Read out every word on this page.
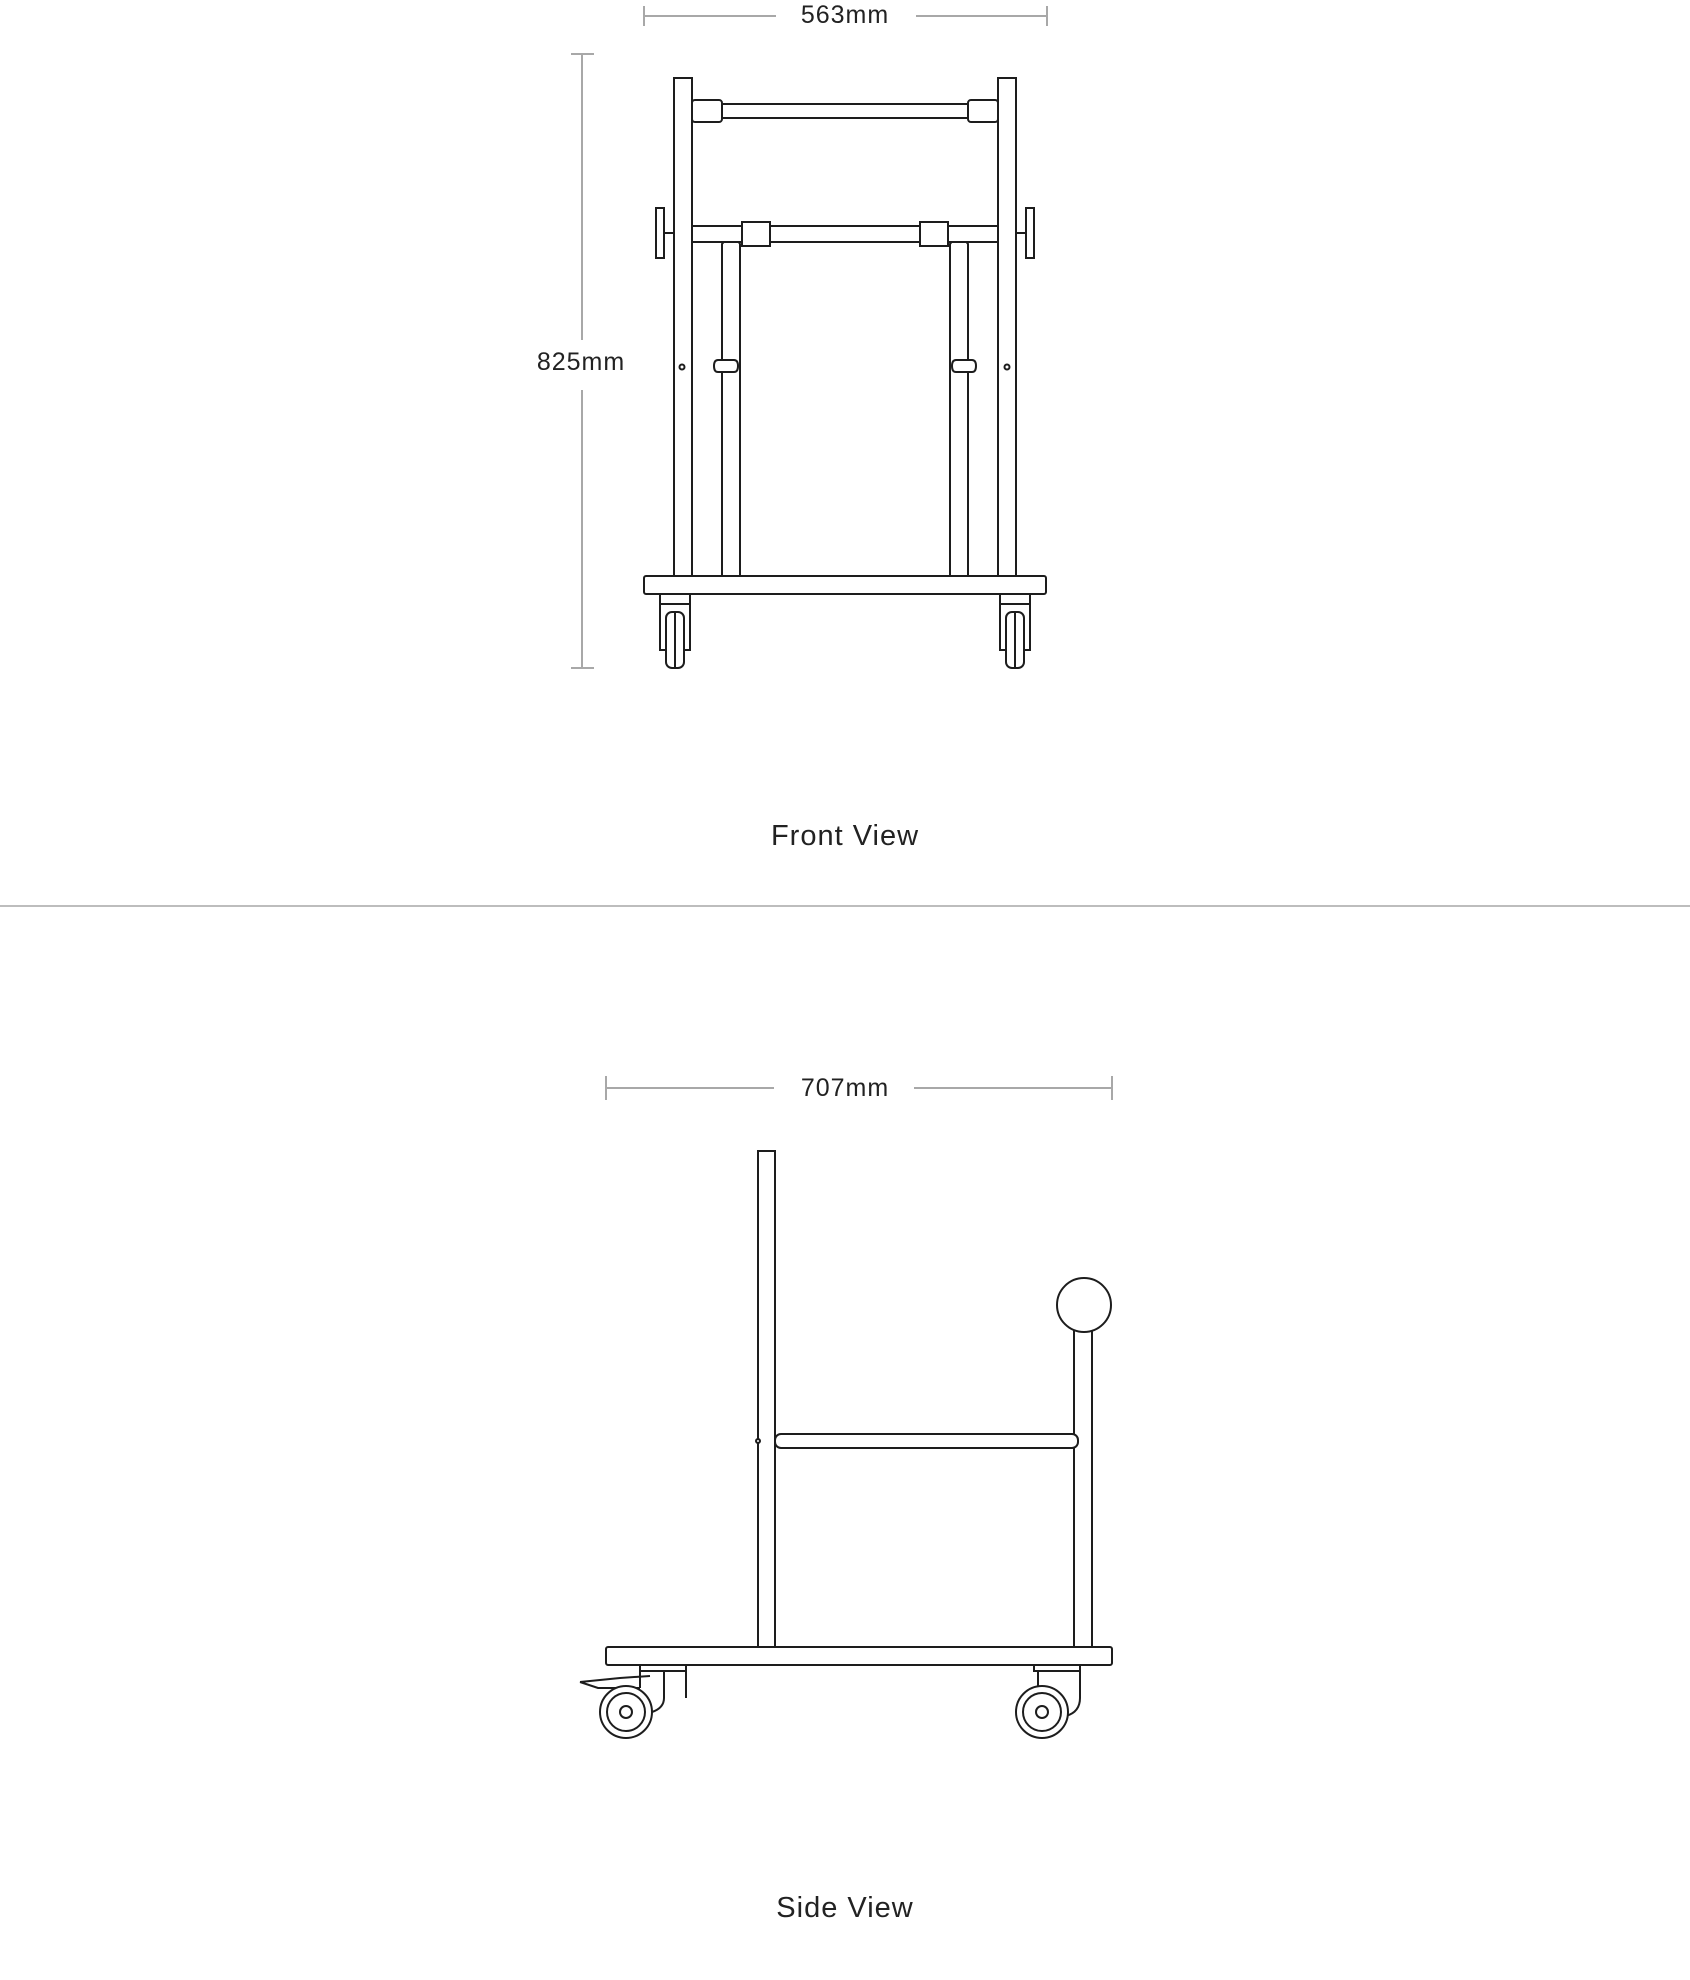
563mm
825mm
Front View
707mm
Side View
